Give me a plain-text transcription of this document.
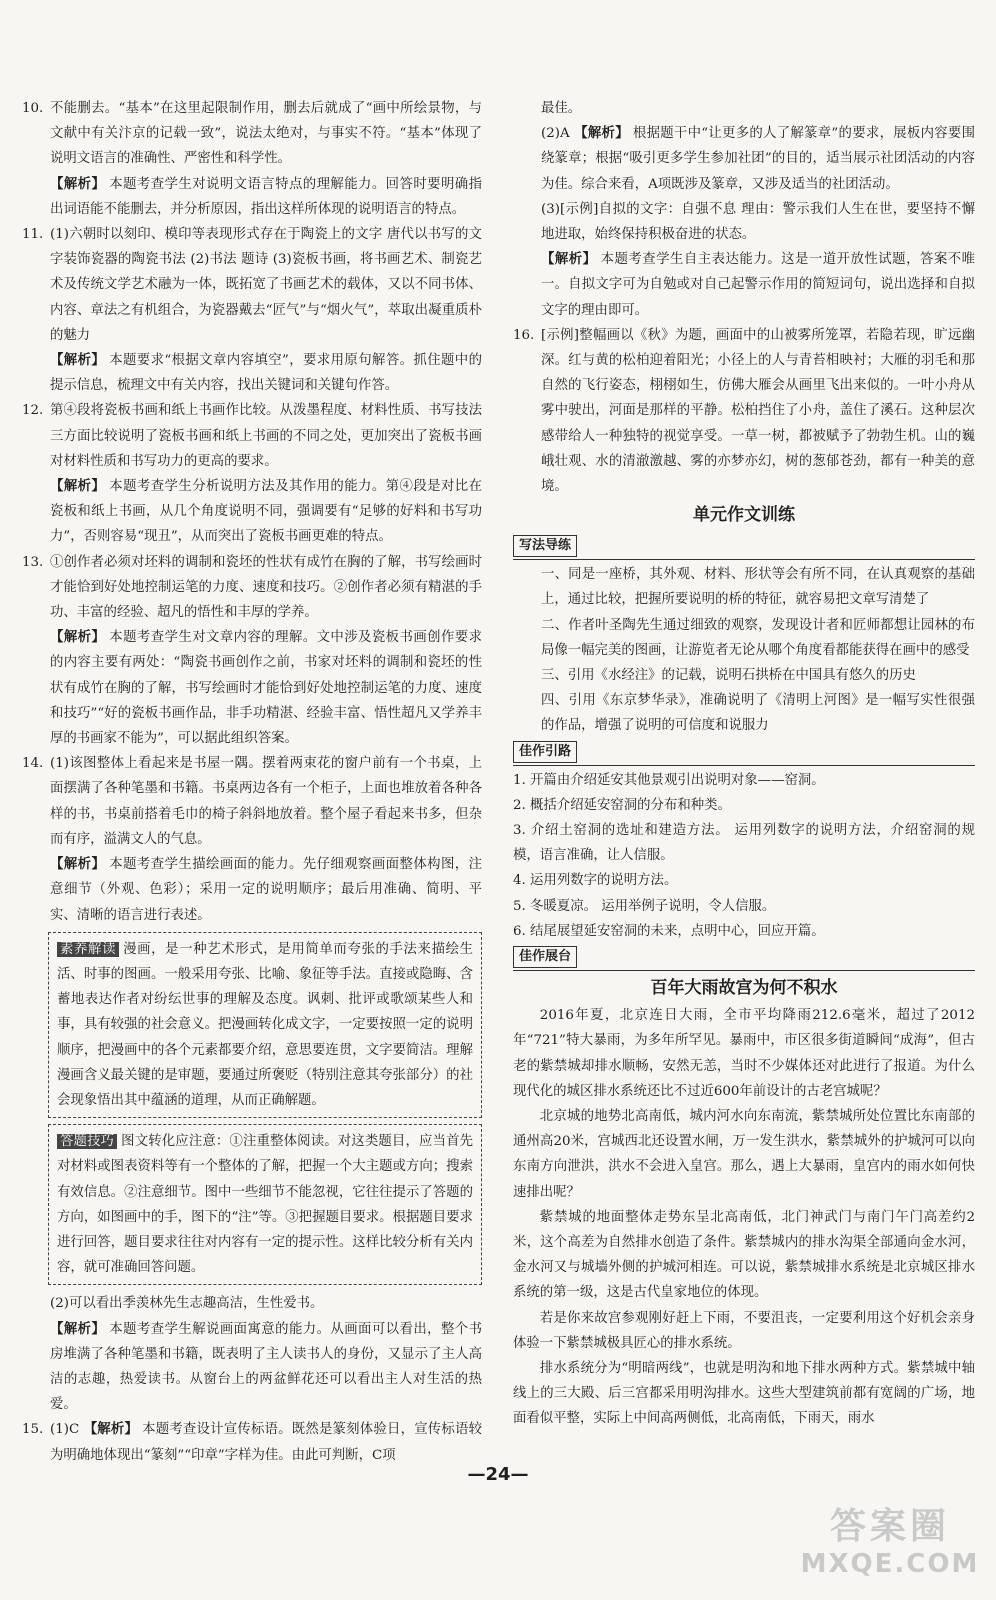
10. 不能删去。“基本”在这里起限制作用，删去后就成了“画中所绘景物，与文献中有关汴京的记载一致”，说法太绝对，与事实不符。“基本”体现了说明文语言的准确性、严密性和科学性。

【解析】 本题考查学生对说明文语言特点的理解能力。回答时要明确指出词语能不能删去，并分析原因，指出这样所体现的说明语言的特点。

11. (1)六朝时以刻印、模印等表现形式存在于陶瓷上的文字 唐代以书写的文字装饰瓷器的陶瓷书法 (2)书法 题诗 (3)瓷板书画，将书画艺术、制瓷艺术及传统文学艺术融为一体，既拓宽了书画艺术的载体，又以不同书体、内容、章法之有机组合，为瓷器戴去“匠气”与“烟火气”，萃取出凝重质朴的魅力

【解析】 本题要求“根据文章内容填空”，要求用原句解答。抓住题中的提示信息，梳理文中有关内容，找出关键词和关键句作答。

12. 第④段将瓷板书画和纸上书画作比较。从泼墨程度、材料性质、书写技法三方面比较说明了瓷板书画和纸上书画的不同之处，更加突出了瓷板书画对材料性质和书写功力的更高的要求。

【解析】 本题考查学生分析说明方法及其作用的能力。第④段是对比在瓷板和纸上书画，从几个角度说明不同，强调要有“足够的好料和书写功力”，否则容易“现丑”，从而突出了瓷板书画更难的特点。

13. ①创作者必须对坯料的调制和瓷坯的性状有成竹在胸的了解，书写绘画时才能恰到好处地控制运笔的力度、速度和技巧。②创作者必须有精湛的手功、丰富的经验、超凡的悟性和丰厚的学养。

【解析】 本题考查学生对文章内容的理解。文中涉及瓷板书画创作要求的内容主要有两处：“陶瓷书画创作之前，书家对坯料的调制和瓷坯的性状有成竹在胸的了解，书写绘画时才能恰到好处地控制运笔的力度、速度和技巧”“好的瓷板书画作品，非手功精湛、经验丰富、悟性超凡又学养丰厚的书画家不能为”，可以据此组织答案。

14. (1)该图整体上看起来是书屋一隅。摆着两束花的窗户前有一个书桌，上面摆满了各种笔墨和书籍。书桌两边各有一个柜子，上面也堆放着各种各样的书，书桌前搭着毛巾的椅子斜斜地放着。整个屋子看起来书多，但杂而有序，溢满文人的气息。

【解析】 本题考查学生描绘画面的能力。先仔细观察画面整体构图，注意细节（外观、色彩）；采用一定的说明顺序；最后用准确、简明、平实、清晰的语言进行表述。

素养解读 漫画，是一种艺术形式，是用简单而夸张的手法来描绘生活、时事的图画。一般采用夸张、比喻、象征等手法。直接或隐晦、含蓄地表达作者对纷纭世事的理解及态度。讽刺、批评或歌颂某些人和事，具有较强的社会意义。把漫画转化成文字，一定要按照一定的说明顺序，把漫画中的各个元素都要介绍，意思要连贯，文字要简洁。理解漫画含义最关键的是审题，要通过所褒贬（特别注意其夸张部分）的社会现象悟出其中蕴涵的道理，从而正确解题。

答题技巧 图文转化应注意：①注重整体阅读。对这类题目，应当首先对材料或图表资料等有一个整体的了解，把握一个大主题或方向；搜索有效信息。②注意细节。图中一些细节不能忽视，它往往提示了答题的方向，如图画中的手，图下的“注”等。③把握题目要求。根据题目要求进行回答，题目要求往往对内容有一定的提示性。这样比较分析有关内容，就可准确回答问题。

(2)可以看出季羡林先生志趣高洁，生性爱书。

【解析】 本题考查学生解说画面寓意的能力。从画面可以看出，整个书房堆满了各种笔墨和书籍，既表明了主人读书人的身份，又显示了主人高洁的志趣，热爱读书。从窗台上的两盆鲜花还可以看出主人对生活的热爱。

15. (1)C 【解析】 本题考查设计宣传标语。既然是篆刻体验日，宣传标语较为明确地体现出“篆刻”“印章”字样为佳。由此可判断，C项

最佳。

(2)A 【解析】 根据题干中“让更多的人了解篆章”的要求，展板内容要围绕篆章；根据“吸引更多学生参加社团”的目的，适当展示社团活动的内容为佳。综合来看，A项既涉及篆章，又涉及适当的社团活动。

(3)[示例]自拟的文字：自强不息 理由：警示我们人生在世，要坚持不懈地进取，始终保持积极奋进的状态。

【解析】 本题考查学生自主表达能力。这是一道开放性试题，答案不唯一。自拟文字可为自勉或对自己起警示作用的简短词句，说出选择和自拟文字的理由即可。

16. [示例]整幅画以《秋》为题，画面中的山被雾所笼罩，若隐若现，旷远幽深。红与黄的松柏迎着阳光；小径上的人与青苔相映衬；大雁的羽毛和那自然的飞行姿态，栩栩如生，仿佛大雁会从画里飞出来似的。一叶小舟从雾中驶出，河面是那样的平静。松柏挡住了小舟，盖住了溪石。这种层次感带给人一种独特的视觉享受。一草一树，都被赋予了勃勃生机。山的巍峨壮观、水的清澈激越、雾的亦梦亦幻，树的葱郁苍劲，都有一种美的意境。

单元作文训练
写法导练

一、同是一座桥，其外观、材料、形状等会有所不同，在认真观察的基础上，通过比较，把握所要说明的桥的特征，就容易把文章写清楚了

二、作者叶圣陶先生通过细致的观察，发现设计者和匠师都想让园林的布局像一幅完美的图画，让游览者无论从哪个角度看都能获得在画中的感受

三、引用《水经注》的记载，说明石拱桥在中国具有悠久的历史

四、引用《东京梦华录》，准确说明了《清明上河图》是一幅写实性很强的作品，增强了说明的可信度和说服力

佳作引路

1. 开篇由介绍延安其他景观引出说明对象——窑洞。

2. 概括介绍延安窑洞的分布和种类。

3. 介绍土窑洞的选址和建造方法。 运用列数字的说明方法，介绍窑洞的规模，语言准确，让人信服。

4. 运用列数字的说明方法。

5. 冬暖夏凉。 运用举例子说明，令人信服。

6. 结尾展望延安窑洞的未来，点明中心，回应开篇。

佳作展台
百年大雨故宫为何不积水

2016年夏，北京连日大雨，全市平均降雨212.6毫米，超过了2012年“721”特大暴雨，为多年所罕见。暴雨中，市区很多街道瞬间“成海”，但古老的紫禁城却排水顺畅，安然无恙，当时不少媒体还对此进行了报道。为什么现代化的城区排水系统还比不过近600年前设计的古老宫城呢？

北京城的地势北高南低，城内河水向东南流，紫禁城所处位置比东南部的通州高20米，宫城西北还设置水闸，万一发生洪水，紫禁城外的护城河可以向东南方向泄洪，洪水不会进入皇宫。那么，遇上大暴雨，皇宫内的雨水如何快速排出呢？

紫禁城的地面整体走势东呈北高南低，北门神武门与南门午门高差约2米，这个高差为自然排水创造了条件。紫禁城内的排水沟渠全部通向金水河，金水河又与城墙外侧的护城河相连。可以说，紫禁城排水系统是北京城区排水系统的第一级，这是古代皇家地位的体现。

若是你来故宫参观刚好赶上下雨，不要沮丧，一定要利用这个好机会亲身体验一下紫禁城极具匠心的排水系统。

排水系统分为“明暗两线”，也就是明沟和地下排水两种方式。紫禁城中轴线上的三大殿、后三宫都采用明沟排水。这些大型建筑前都有宽阔的广场，地面看似平整，实际上中间高两侧低，北高南低，下雨天，雨水

—24—
答案圈
MXQE.COM
